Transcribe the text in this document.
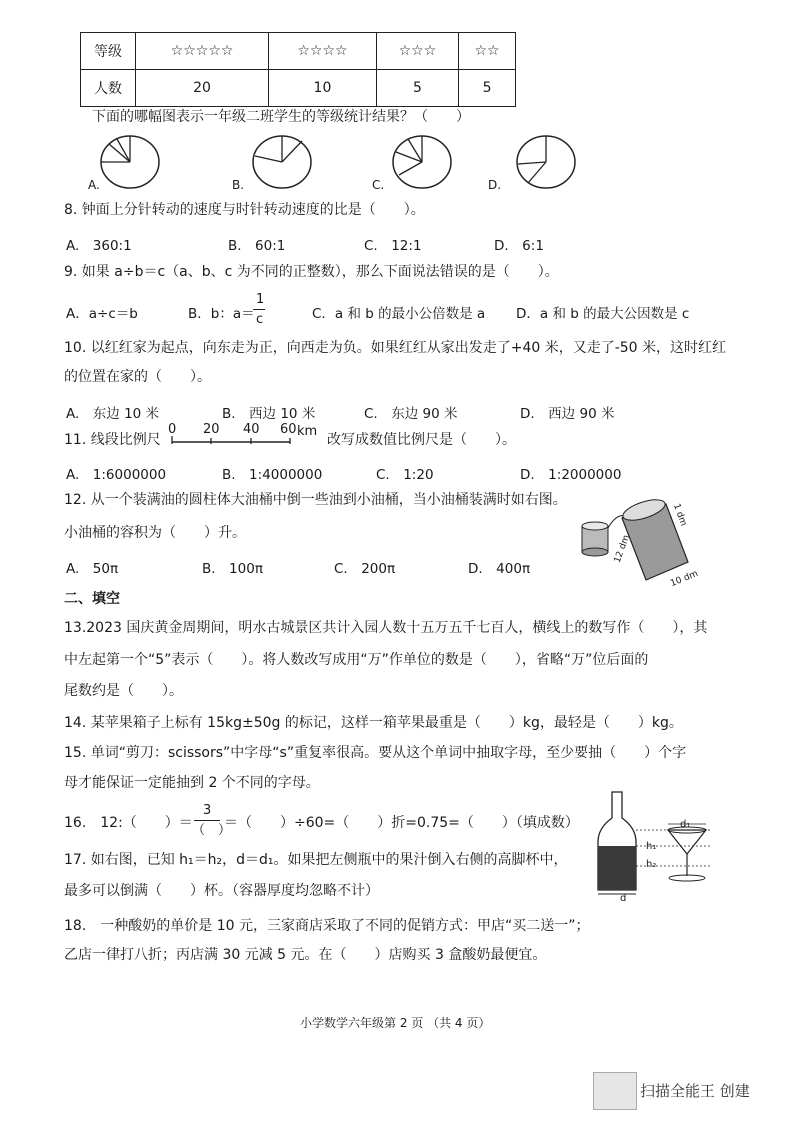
等级	☆☆☆☆☆	☆☆☆☆	☆☆☆	☆☆
人数	20	10	5	5
下面的哪幅图表示一年级二班学生的等级统计结果？（　　）
A.	B.	C.	D.
8. 钟面上分针转动的速度与时针转动速度的比是（　　）。
A.　360:1	B.　60:1	C.　12:1	D.　6:1
9. 如果 a÷b＝c（a、b、c 为不同的正整数），那么下面说法错误的是（　　）。
A．a÷c＝b	B．b：a＝
1
c	C．a 和 b 的最小公倍数是 a D．a 和 b 的最大公因数是 c
10. 以红红家为起点，向东走为正，向西走为负。如果红红从家出发走了+40 米，又走了-50 米，这时红红
的位置在家的（　　）。
A.　东边 10 米	B.　西边 10 米	C.　东边 90 米	D.　西边 90 米
11. 线段比例尺
0 20 40 60 km
改写成数值比例尺是（　　）。
A.　1:6000000	B.　1:4000000	C.　1:20	D.　1:2000000
12. 从一个装满油的圆柱体大油桶中倒一些油到小油桶，当小油桶装满时如右图。
小油桶的容积为（　　）升。
A.　50π	B.　100π	C.　200π	D.　400π
1 dm
12 dm
10 dm
二、填空
13.2023 国庆黄金周期间，明水古城景区共计入园人数十五万五千七百人，横线上的数写作（　　），其
中左起第一个“5”表示（　　）。将人数改写成用“万”作单位的数是（　　），省略“万”位后面的
尾数约是（　　）。
14. 某苹果箱子上标有 15kg±50g 的标记，这样一箱苹果最重是（　　）kg，最轻是（　　）kg。
15. 单词“剪刀：scissors”中字母“s”重复率很高。要从这个单词中抽取字母，至少要抽（　　）个字
母才能保证一定能抽到 2 个不同的字母。
16.　12:（　　）＝
3
（　）
＝（　　）÷60=（　　）折=0.75=（　　）（填成数）
17. 如右图，已知 h₁＝h₂，d＝d₁。如果把左侧瓶中的果汁倒入右侧的高脚杯中，
最多可以倒满（　　）杯。（容器厚度均忽略不计）
d₁
h₁
h₂
d
18.　一种酸奶的单价是 10 元，三家商店采取了不同的促销方式：甲店“买二送一”；
乙店一律打八折；丙店满 30 元减 5 元。在（　　）店购买 3 盒酸奶最便宜。
小学数学六年级第 2 页 （共 4 页）
扫描全能王 创建
